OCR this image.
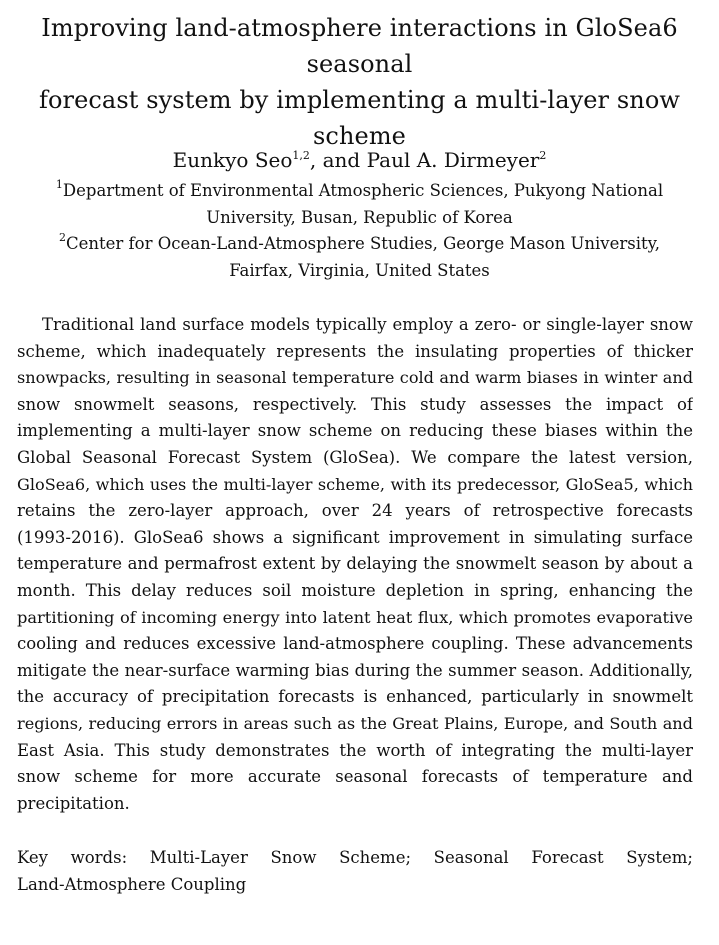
Improving land-atmosphere interactions in GloSea6 seasonal
forecast system by implementing a multi-layer snow
scheme
Eunkyo Seo$^{1,2}$, and Paul A. Dirmeyer$^2$
$^1$Department of Environmental Atmospheric Sciences, Pukyong National
University, Busan, Republic of Korea
$^2$Center for Ocean-Land-Atmosphere Studies, George Mason University,
Fairfax, Virginia, United States
Traditional land surface models typically employ a zero- or single-layer snow
scheme, which inadequately represents the insulating properties of thicker
snowpacks, resulting in seasonal temperature cold and warm biases in winter and
snow snowmelt seasons, respectively. This study assesses the impact of
implementing a multi-layer snow scheme on reducing these biases within the
Global Seasonal Forecast System (GloSea). We compare the latest version,
GloSea6, which uses the multi-layer scheme, with its predecessor, GloSea5, which
retains the zero-layer approach, over 24 years of retrospective forecasts
(1993-2016). GloSea6 shows a significant improvement in simulating surface
temperature and permafrost extent by delaying the snowmelt season by about a
month. This delay reduces soil moisture depletion in spring, enhancing the
partitioning of incoming energy into latent heat flux, which promotes evaporative
cooling and reduces excessive land-atmosphere coupling. These advancements
mitigate the near-surface warming bias during the summer season. Additionally,
the accuracy of precipitation forecasts is enhanced, particularly in snowmelt
regions, reducing errors in areas such as the Great Plains, Europe, and South and
East Asia. This study demonstrates the worth of integrating the multi-layer
snow scheme for more accurate seasonal forecasts of temperature and
precipitation.
Key words: Multi-Layer Snow Scheme; Seasonal Forecast System;
Land-Atmosphere Coupling
